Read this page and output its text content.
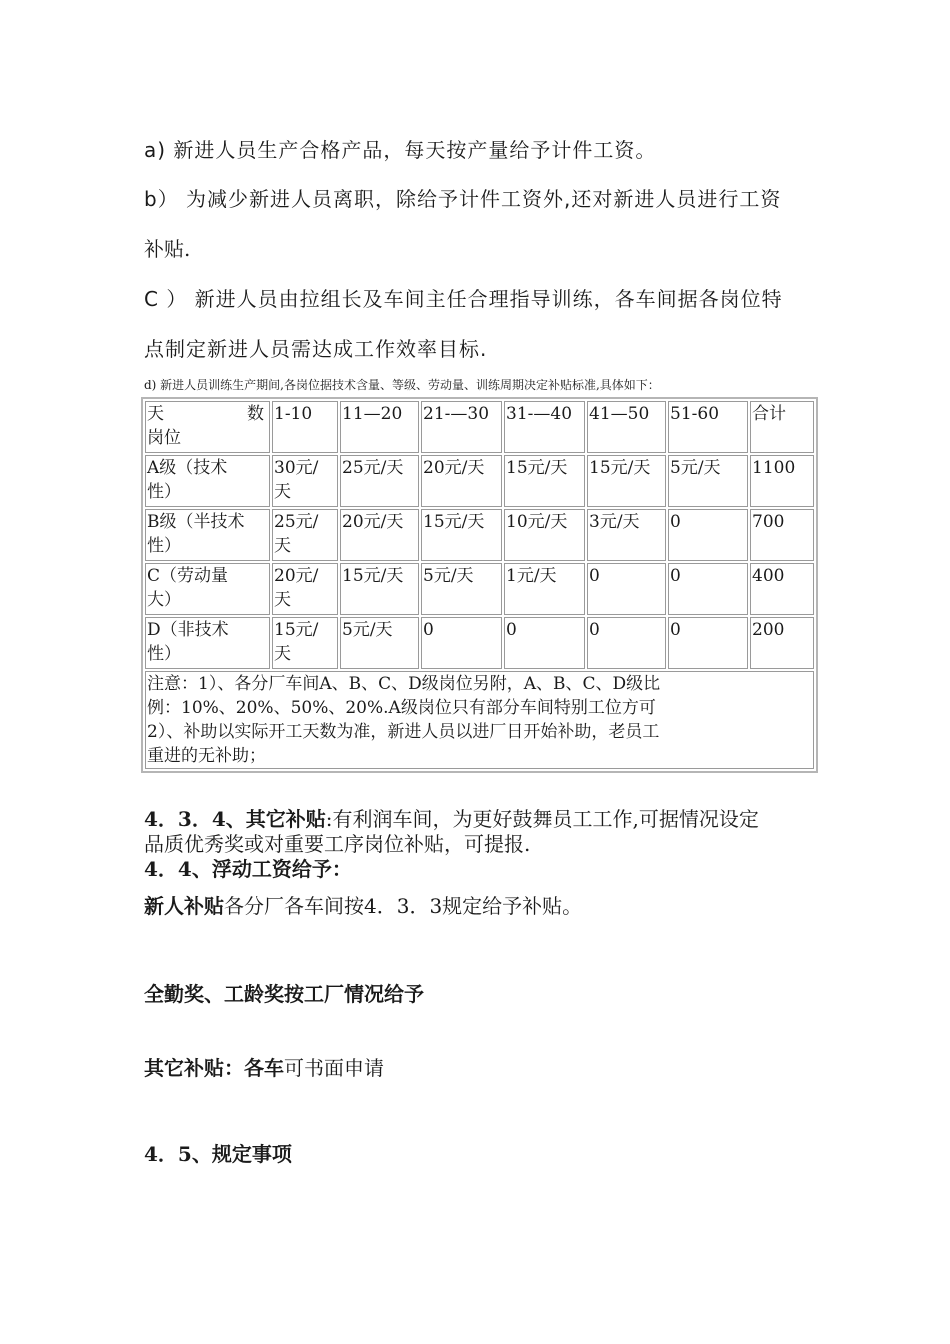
a) 新进人员生产合格产品，每天按产量给予计件工资。
b） 为减少新进人员离职，除给予计件工资外,还对新进人员进行工资
补贴.
C ） 新进人员由拉组长及车间主任合理指导训练，各车间据各岗位特
点制定新进人员需达成工作效率目标.
d) 新进人员训练生产期间,各岗位据技术含量、等级、劳动量、训练周期决定补贴标准,具体如下：
天 数
岗位	1-10	11—20	21-—30	31-—40	41—50	51-60	合计

A级（技术
性）	30元/
天	25元/天	20元/天	15元/天	15元/天	5元/天	1100

B级（半技术
性）	25元/
天	20元/天	15元/天	10元/天	3元/天	0	700

C（劳动量
大）	20元/
天	15元/天	5元/天	1元/天	0	0	400

D（非技术
性）	15元/
天	5元/天	0	0	0	0	200

注意：1）、各分厂车间A、B、C、D级岗位另附，A、B、C、D级比
例：10%、20%、50%、20%.A级岗位只有部分车间特别工位方可
2）、补助以实际开工天数为准，新进人员以进厂日开始补助，老员工
重进的无补助；							
4．3．4、其它补贴:有利润车间，为更好鼓舞员工工作,可据情况设定
品质优秀奖或对重要工序岗位补贴，可提报.
4．4、浮动工资给予：
新人补贴各分厂各车间按4．3．3规定给予补贴。
全勤奖、工龄奖按工厂情况给予
其它补贴：各车可书面申请
4．5、规定事项
